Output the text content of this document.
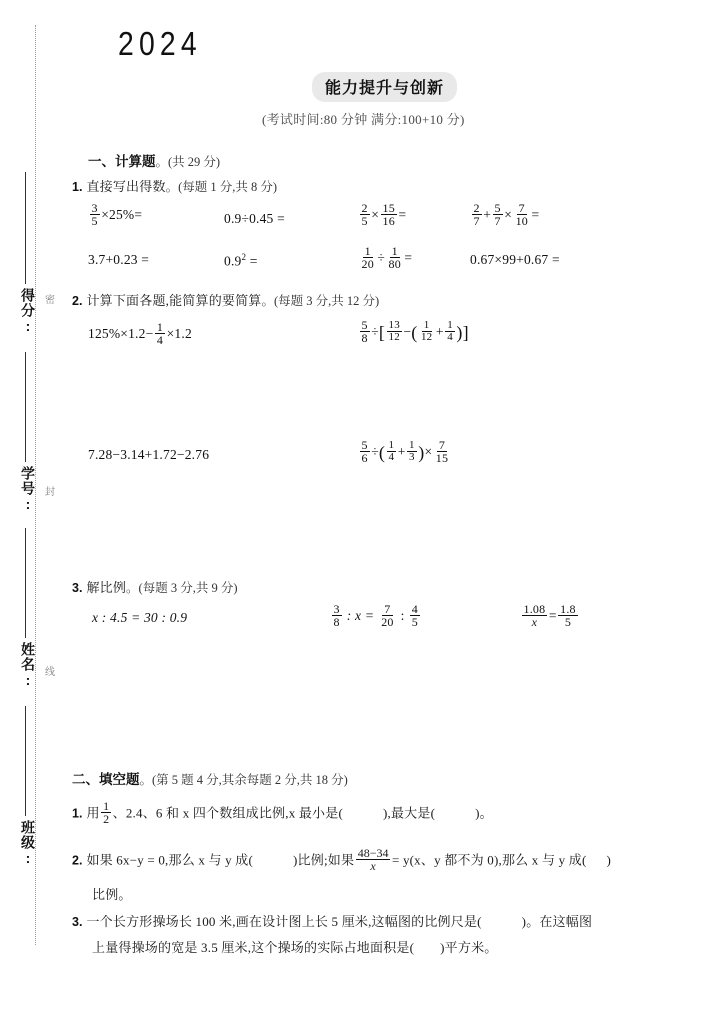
密
封
线
得分:
学号:
姓名:
班级:
2024
能力提升与创新
(考试时间:80 分钟 满分:100+10 分)
一、计算题。(共 29 分)
1. 直接写出得数。(每题 1 分,共 8 分)
$\frac{3}{5} \times 25\%=$	0.9÷0.45 =	$\frac{2}{5} \times \frac{15}{16}$ =	$\frac{2}{7} + \frac{5}{7} \times \frac{7}{10}$ =
3.7+0.23 =	$0.9^2$ =	$\frac{1}{20} \div \frac{1}{80}$ =	0.67×99+0.67 =
2. 计算下面各题,能简算的要简算。(每题 3 分,共 12 分)
$125\%\times 1.2- \frac{1}{4} \times 1.2$	$\frac{5}{8}$ ÷[ $\frac{13}{12}$ −( $\frac{1}{12} + \frac{1}{4}$ )]
7.28−3.14+1.72−2.76	$\frac{5}{6}$ ÷( $\frac{1}{4} + \frac{1}{3}$ )× $\frac{7}{15}$
3. 解比例。(每题 3 分,共 9 分)
x : 4.5 = 30 : 0.9	$\frac{3}{8}$ : $x = \frac{7}{20}$ : $\frac{4}{5}$	$\frac{1.08}{x} = \frac{1.8}{5}$
二、填空题。(第 5 题 4 分,其余每题 2 分,共 18 分)
1. 用 $\frac{1}{2}$ 、2.4、6 和 x 四个数组成比例,x 最小是(	),最大是(	)。
2. 如果 6x−y = 0,那么 x 与 y 成(	)比例;如果 $\frac{48-34}{x} = y(x$、y 都不为 0),那么 x 与 y 成( )
比例。
3. 一个长方形操场长 100 米,画在设计图上长 5 厘米,这幅图的比例尺是(	)。在这幅图
上量得操场的宽是 3.5 厘米,这个操场的实际占地面积是( )平方米。
